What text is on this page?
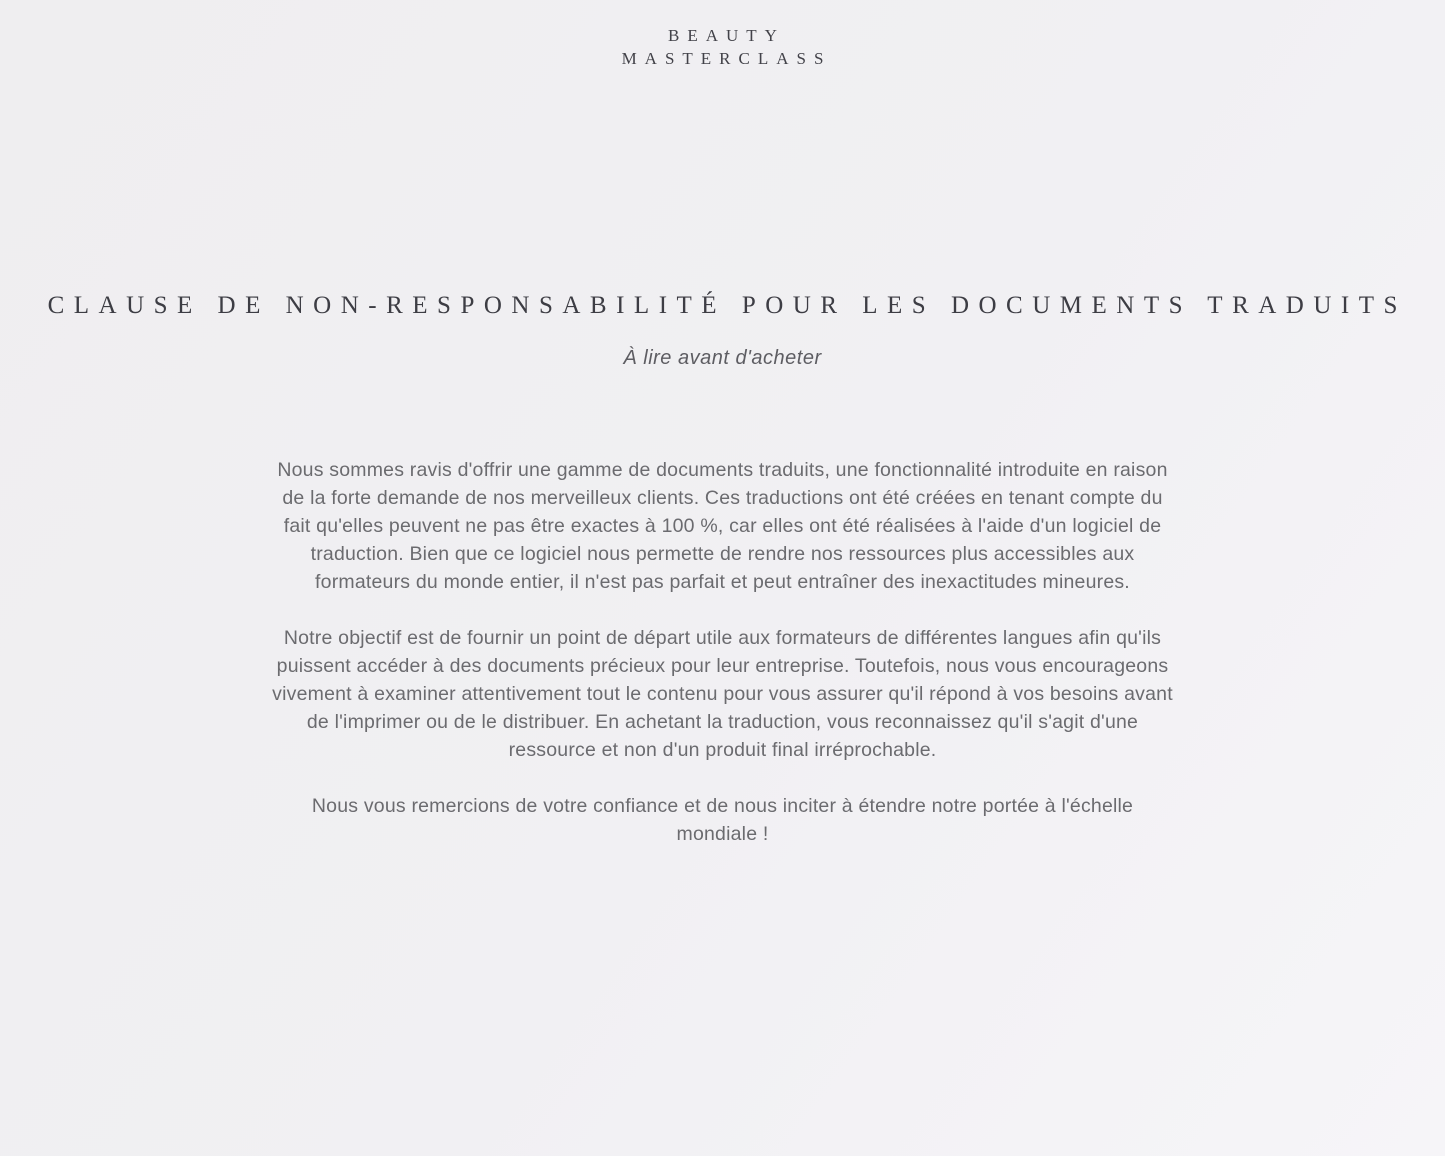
BEAUTY
MASTERCLASS
CLAUSE DE NON-RESPONSABILITÉ POUR LES DOCUMENTS TRADUITS
À lire avant d'acheter

Nous sommes ravis d'offrir une gamme de documents traduits, une fonctionnalité introduite en raison de la forte demande de nos merveilleux clients. Ces traductions ont été créées en tenant compte du fait qu'elles peuvent ne pas être exactes à 100 %, car elles ont été réalisées à l'aide d'un logiciel de traduction. Bien que ce logiciel nous permette de rendre nos ressources plus accessibles aux formateurs du monde entier, il n'est pas parfait et peut entraîner des inexactitudes mineures.

Notre objectif est de fournir un point de départ utile aux formateurs de différentes langues afin qu'ils puissent accéder à des documents précieux pour leur entreprise. Toutefois, nous vous encourageons vivement à examiner attentivement tout le contenu pour vous assurer qu'il répond à vos besoins avant de l'imprimer ou de le distribuer. En achetant la traduction, vous reconnaissez qu'il s'agit d'une ressource et non d'un produit final irréprochable.

Nous vous remercions de votre confiance et de nous inciter à étendre notre portée à l'échelle mondiale !
